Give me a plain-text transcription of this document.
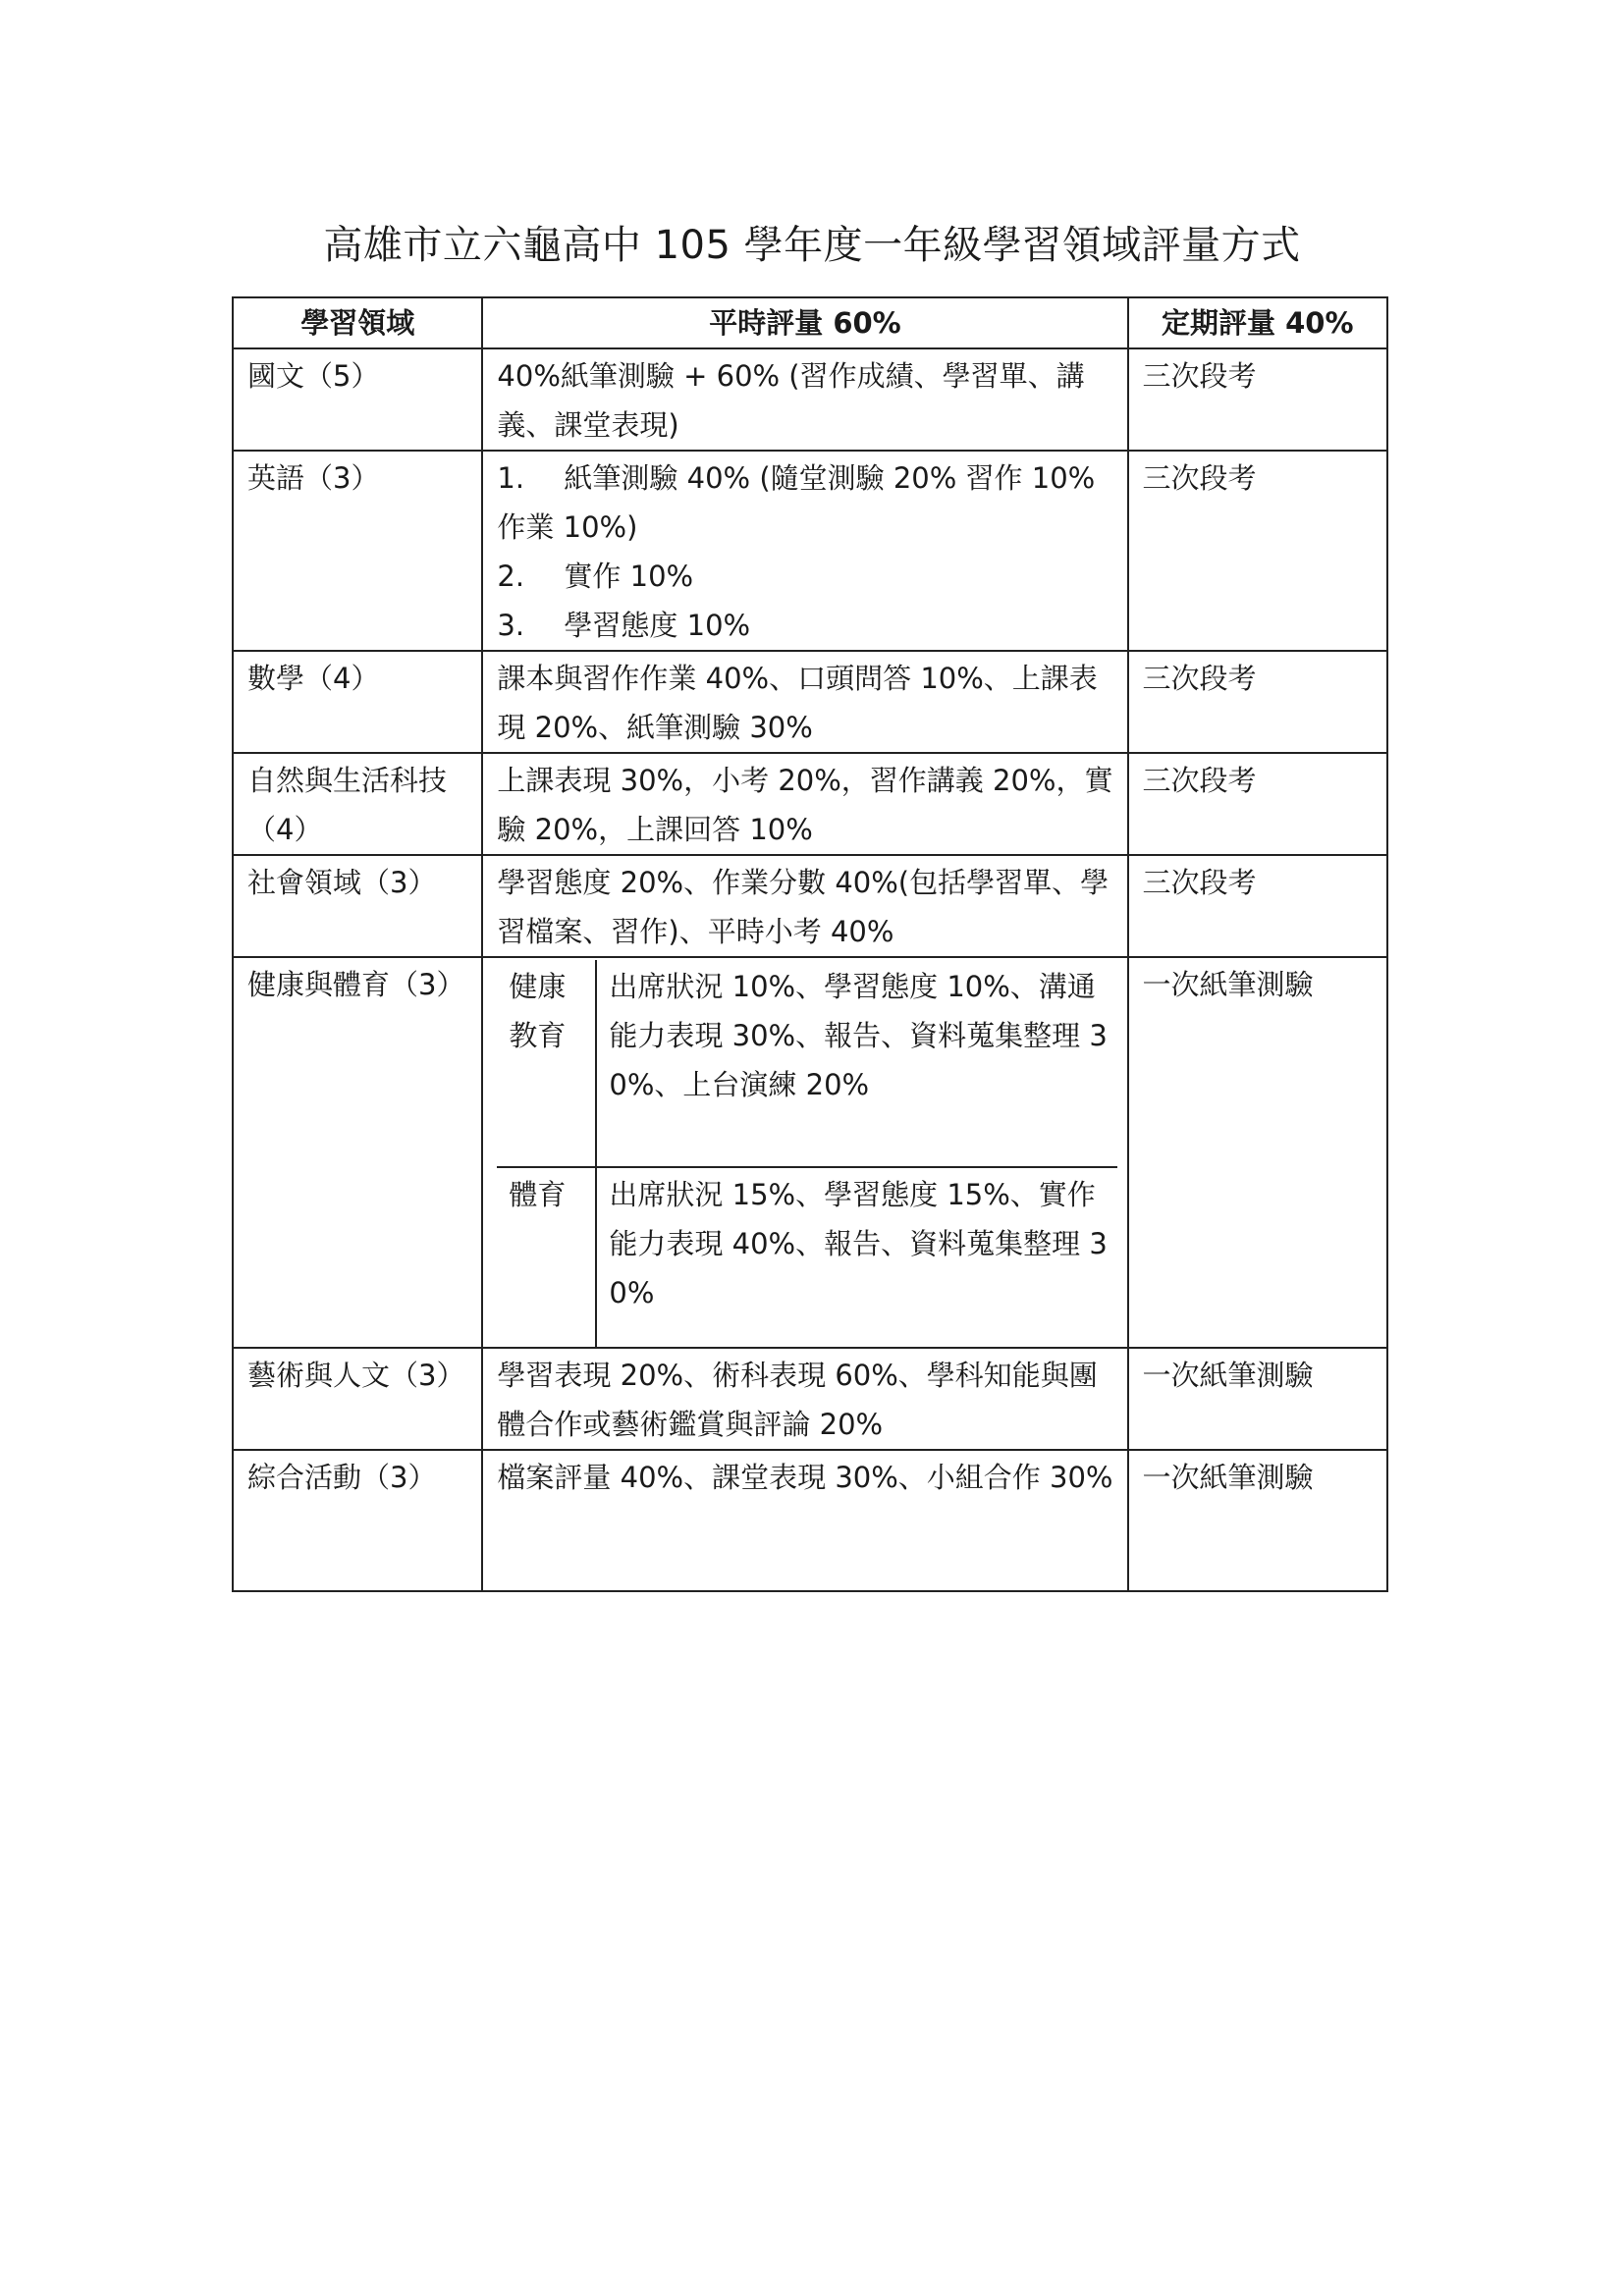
高雄市立六龜高中 105 學年度一年級學習領域評量方式
學習領域	平時評量 60%	定期評量 40%
國文（5）	40%紙筆測驗 + 60% (習作成績、學習單、講義、課堂表現)	三次段考
英語（3）	1. 紙筆測驗 40% (隨堂測驗 20% 習作 10% 作業 10%)
2. 實作 10%
3. 學習態度 10%
	三次段考
數學（4）	課本與習作作業 40%、口頭問答 10%、上課表現 20%、紙筆測驗 30%	三次段考
自然與生活科技（4）	上課表現 30%，小考 20%，習作講義 20%，實驗 20%，上課回答 10%	三次段考
社會領域（3）	學習態度 20%、作業分數 40%(包括學習單、學習檔案、習作)、平時小考 40%	三次段考
健康與體育（3）	健康教育	出席狀況 10%、學習態度 10%、溝通能力表現 30%、報告、資料蒐集整理 30%、上台演練 20%
體育	出席狀況 15%、學習態度 15%、實作能力表現 40%、報告、資料蒐集整理 30%
	一次紙筆測驗
藝術與人文（3）	學習表現 20%、術科表現 60%、學科知能與團體合作或藝術鑑賞與評論 20%	一次紙筆測驗
綜合活動（3）	檔案評量 40%、課堂表現 30%、小組合作 30%	一次紙筆測驗
